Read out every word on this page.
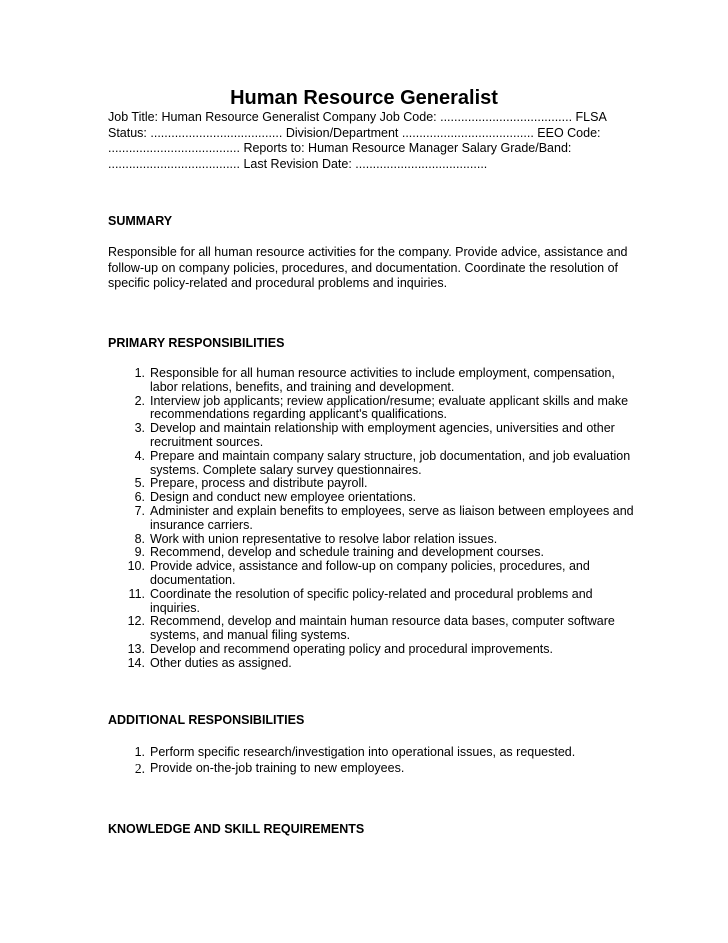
Human Resource Generalist
Job Title: Human Resource Generalist Company Job Code: ...................................... FLSA
Status: ...................................... Division/Department ...................................... EEO Code:
...................................... Reports to: Human Resource Manager Salary Grade/Band:
...................................... Last Revision Date: ......................................
SUMMARY
Responsible for all human resource activities for the company. Provide advice, assistance and
follow-up on company policies, procedures, and documentation. Coordinate the resolution of
specific policy-related and procedural problems and inquiries.
PRIMARY RESPONSIBILITIES
1. Responsible for all human resource activities to include employment, compensation,
labor relations, benefits, and training and development.
2. Interview job applicants; review application/resume; evaluate applicant skills and make
recommendations regarding applicant's qualifications.
3. Develop and maintain relationship with employment agencies, universities and other
recruitment sources.
4. Prepare and maintain company salary structure, job documentation, and job evaluation
systems. Complete salary survey questionnaires.
5. Prepare, process and distribute payroll.
6. Design and conduct new employee orientations.
7. Administer and explain benefits to employees, serve as liaison between employees and
insurance carriers.
8. Work with union representative to resolve labor relation issues.
9. Recommend, develop and schedule training and development courses.
10. Provide advice, assistance and follow-up on company policies, procedures, and
documentation.
11. Coordinate the resolution of specific policy-related and procedural problems and
inquiries.
12. Recommend, develop and maintain human resource data bases, computer software
systems, and manual filing systems.
13. Develop and recommend operating policy and procedural improvements.
14. Other duties as assigned.
ADDITIONAL RESPONSIBILITIES
1. Perform specific research/investigation into operational issues, as requested.
2. Provide on-the-job training to new employees.
KNOWLEDGE AND SKILL REQUIREMENTS
